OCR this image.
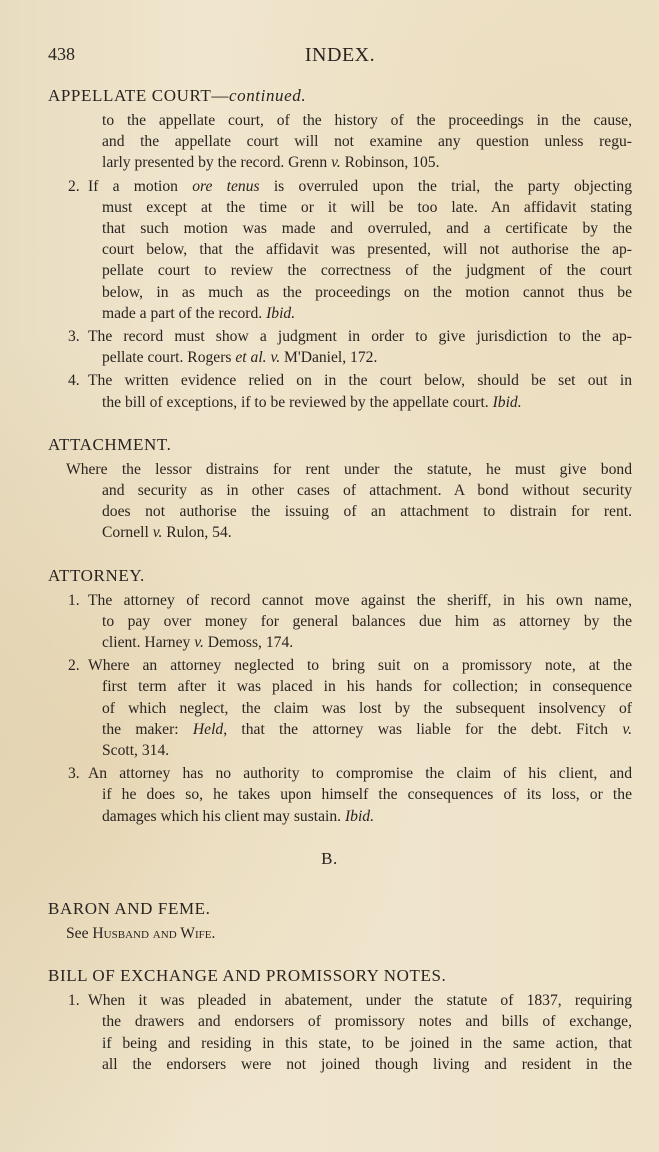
438	INDEX.
APPELLATE COURT—continued.
to the appellate court, of the history of the proceedings in the cause,
and the appellate court will not examine any question unless regu-
larly presented by the record. Grenn v. Robinson, 105.
2. If a motion ore tenus is overruled upon the trial, the party objecting
must except at the time or it will be too late. An affidavit stating
that such motion was made and overruled, and a certificate by the
court below, that the affidavit was presented, will not authorise the ap-
pellate court to review the correctness of the judgment of the court
below, in as much as the proceedings on the motion cannot thus be
made a part of the record. Ibid.
3. The record must show a judgment in order to give jurisdiction to the ap-
pellate court. Rogers et al. v. M'Daniel, 172.
4. The written evidence relied on in the court below, should be set out in
the bill of exceptions, if to be reviewed by the appellate court. Ibid.
ATTACHMENT.
Where the lessor distrains for rent under the statute, he must give bond
and security as in other cases of attachment. A bond without security
does not authorise the issuing of an attachment to distrain for rent.
Cornell v. Rulon, 54.
ATTORNEY.
1. The attorney of record cannot move against the sheriff, in his own name,
to pay over money for general balances due him as attorney by the
client. Harney v. Demoss, 174.
2. Where an attorney neglected to bring suit on a promissory note, at the
first term after it was placed in his hands for collection; in consequence
of which neglect, the claim was lost by the subsequent insolvency of
the maker: Held, that the attorney was liable for the debt. Fitch v.
Scott, 314.
3. An attorney has no authority to compromise the claim of his client, and
if he does so, he takes upon himself the consequences of its loss, or the
damages which his client may sustain. Ibid.
B.
BARON AND FEME.
See Husband and Wife.
BILL OF EXCHANGE AND PROMISSORY NOTES.
1. When it was pleaded in abatement, under the statute of 1837, requiring
the drawers and endorsers of promissory notes and bills of exchange,
if being and residing in this state, to be joined in the same action, that
all the endorsers were not joined though living and resident in the
